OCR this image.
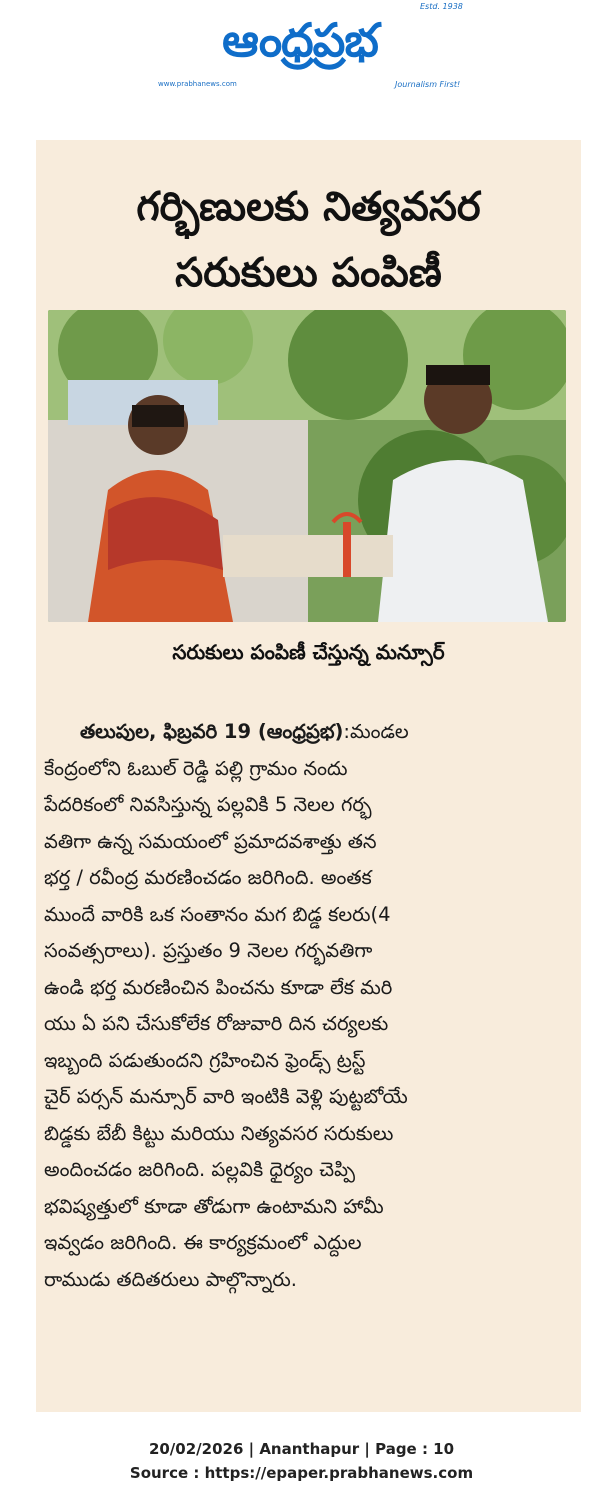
Estd. 1938
ఆంధ్రప్రభ
www.prabhanews.com	Journalism First!
గర్భిణులకు నిత్యవసర
సరుకులు పంపిణీ
సరుకులు పంపిణీ చేస్తున్న మన్సూర్
తలుపుల, ఫిబ్రవరి 19 (ఆంధ్రప్రభ):మండల
కేంద్రంలోని ఓబుల్ రెడ్డి పల్లి గ్రామం నందు
పేదరికంలో నివసిస్తున్న పల్లవికి 5 నెలల గర్భ
వతిగా ఉన్న సమయంలో ప్రమాదవశాత్తు తన
భర్త / రవీంద్ర మరణించడం జరిగింది. అంతక
ముందే వారికి ఒక సంతానం మగ బిడ్డ కలరు(4
సంవత్సరాలు). ప్రస్తుతం 9 నెలల గర్భవతిగా
ఉండి భర్త మరణించిన పించను కూడా లేక మరి
యు ఏ పని చేసుకోలేక రోజువారి దిన చర్యలకు
ఇబ్బంది పడుతుందని గ్రహించిన ఫ్రెండ్స్ ట్రస్ట్
చైర్ పర్సన్ మన్సూర్ వారి ఇంటికి వెళ్లి పుట్టబోయే
బిడ్డకు బేబీ కిట్టు మరియు నిత్యవసర సరుకులు
అందించడం జరిగింది. పల్లవికి ధైర్యం చెప్పి
భవిష్యత్తులో కూడా తోడుగా ఉంటామని హామీ
ఇవ్వడం జరిగింది. ఈ కార్యక్రమంలో ఎద్దుల
రాముడు తదితరులు పాల్గొన్నారు.
20/02/2026 | Ananthapur | Page : 10
Source : https://epaper.prabhanews.com
